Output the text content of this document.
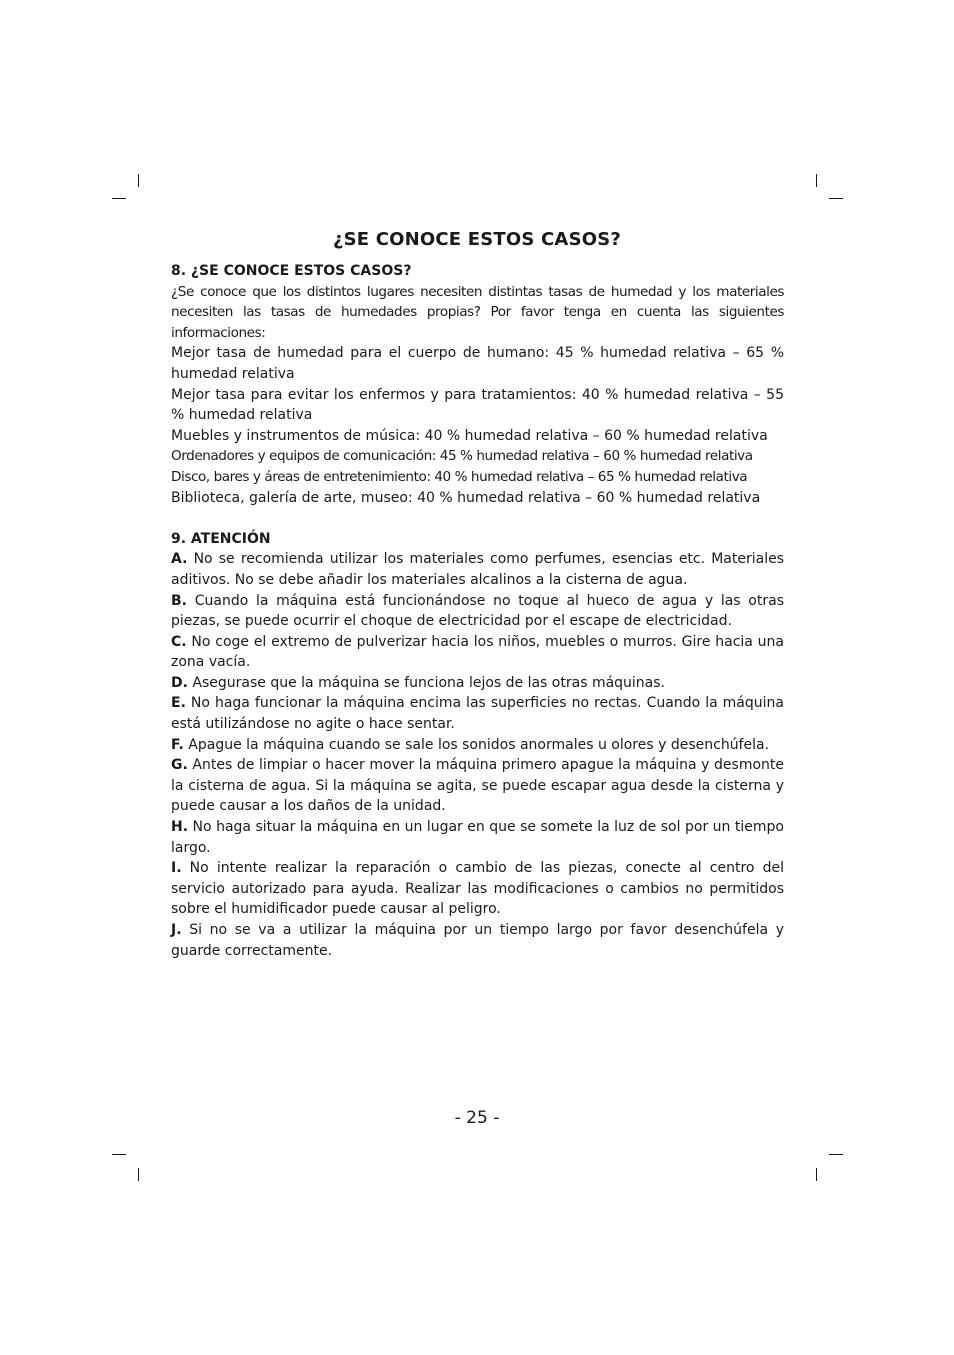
¿SE CONOCE ESTOS CASOS?
8. ¿SE CONOCE ESTOS CASOS?

¿Se conoce que los distintos lugares necesiten distintas tasas de humedad y los materiales necesiten las tasas de humedades propias? Por favor tenga en cuenta las siguientes informaciones:

Mejor tasa de humedad para el cuerpo de humano: 45 % humedad relativa – 65 % humedad relativa

Mejor tasa para evitar los enfermos y para tratamientos: 40 % humedad relativa – 55 % humedad relativa

Muebles y instrumentos de música: 40 % humedad relativa – 60 % humedad relativa

Ordenadores y equipos de comunicación: 45 % humedad relativa – 60 % humedad relativa

Disco, bares y áreas de entretenimiento: 40 % humedad relativa – 65 % humedad relativa

Biblioteca, galería de arte, museo: 40 % humedad relativa – 60 % humedad relativa

9. ATENCIÓN

A. No se recomienda utilizar los materiales como perfumes, esencias etc. Materiales aditivos. No se debe añadir los materiales alcalinos a la cisterna de agua.

B. Cuando la máquina está funcionándose no toque al hueco de agua y las otras piezas, se puede ocurrir el choque de electricidad por el escape de electricidad.

C. No coge el extremo de pulverizar hacia los niños, muebles o murros. Gire hacia una zona vacía.

D. Asegurase que la máquina se funciona lejos de las otras máquinas.

E. No haga funcionar la máquina encima las superficies no rectas. Cuando la máquina está utilizándose no agite o hace sentar.

F. Apague la máquina cuando se sale los sonidos anormales u olores y desenchúfela.

G. Antes de limpiar o hacer mover la máquina primero apague la máquina y desmonte la cisterna de agua. Si la máquina se agita, se puede escapar agua desde la cisterna y puede causar a los daños de la unidad.

H. No haga situar la máquina en un lugar en que se somete la luz de sol por un tiempo largo.

I. No intente realizar la reparación o cambio de las piezas, conecte al centro del servicio autorizado para ayuda. Realizar las modificaciones o cambios no permitidos sobre el humidificador puede causar al peligro.

J. Si no se va a utilizar la máquina por un tiempo largo por favor desenchúfela y guarde correctamente.

- 25 -
